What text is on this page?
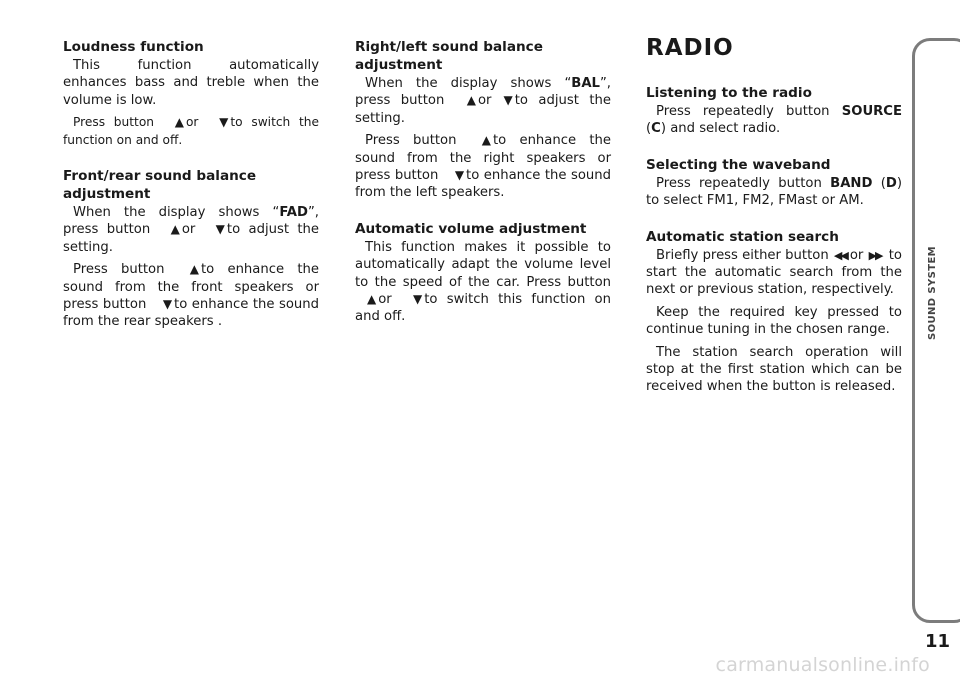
Loudness function

This function automatically enhances bass and treble when the volume is low.

Press button ▲ or ▼ to switch the function on and off.

Front/rear sound balance adjustment

When the display shows “FAD”, press button ▲ or ▼ to adjust the setting.

Press button ▲ to enhance the sound from the front speakers or press button ▼ to enhance the sound from the rear speakers .

Right/left sound balance adjustment

When the display shows “BAL”, press button ▲ or ▼ to adjust the setting.

Press button ▲ to enhance the sound from the right speakers or press button ▼ to enhance the sound from the left speakers.

Automatic volume adjustment

This function makes it possible to automatically adapt the volume level to the speed of the car. Press button ▲ or ▼ to switch this function on and off.

RADIO
Listening to the radio

Press repeatedly button SOURCE (C) and select radio.

Selecting the waveband

Press repeatedly button BAND (D) to select FM1, FM2, FMast or AM.

Automatic station search

Briefly press either button ◀◀ or ▶▶ to start the automatic search from the next or previous station, respectively.

Keep the required key pressed to continue tuning in the chosen range.

The station search operation will stop at the first station which can be received when the button is released.

SOUND SYSTEM
11
carmanualsonline.info
